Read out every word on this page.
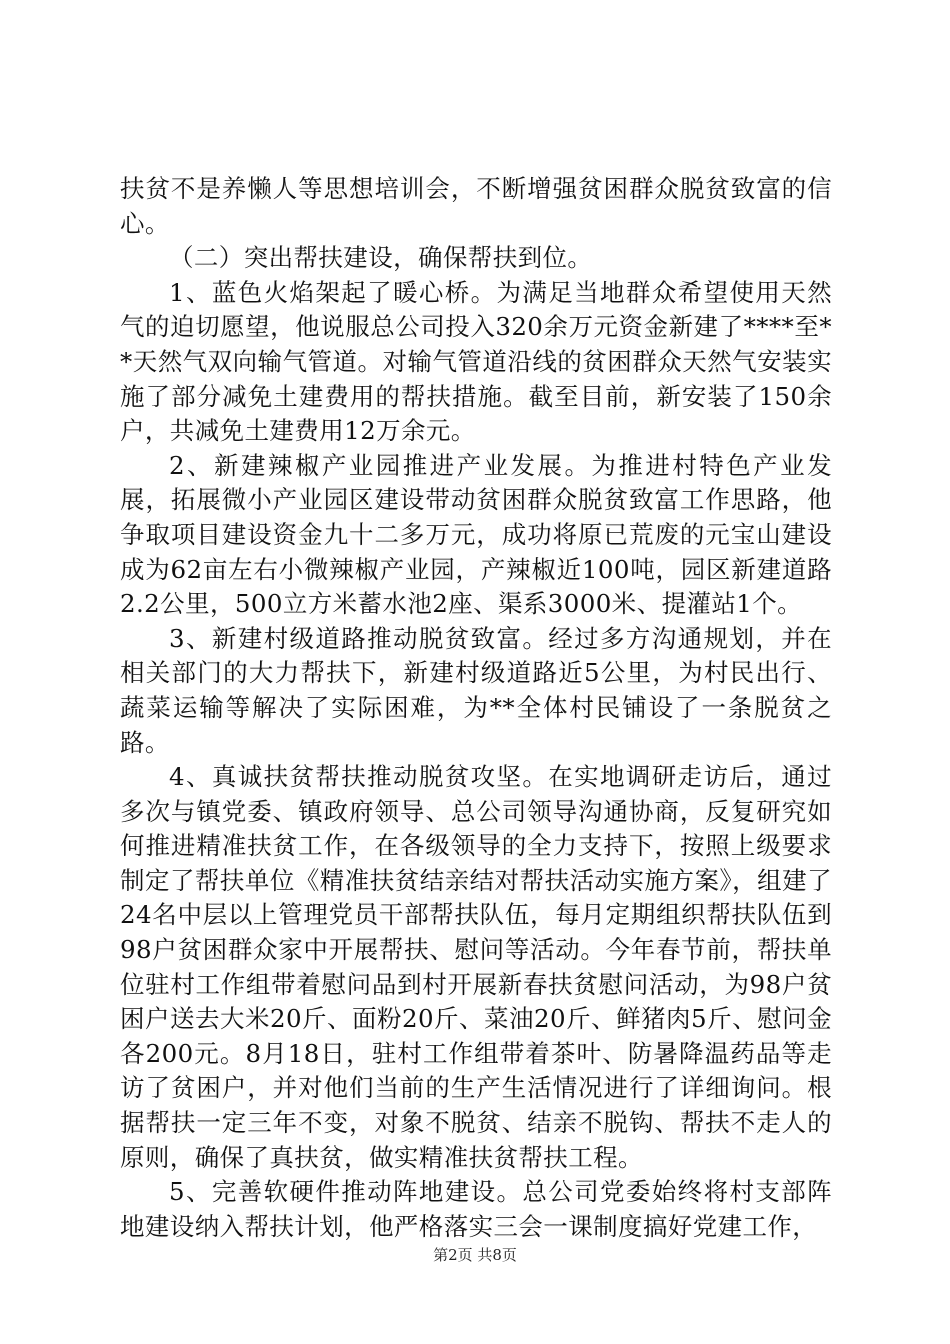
扶贫不是养懒人等思想培训会，不断增强贫困群众脱贫致富的信心。

（二）突出帮扶建设，确保帮扶到位。

1、蓝色火焰架起了暖心桥。为满足当地群众希望使用天然气的迫切愿望，他说服总公司投入320余万元资金新建了****至**天然气双向输气管道。对输气管道沿线的贫困群众天然气安装实施了部分减免土建费用的帮扶措施。截至目前，新安装了150余户，共减免土建费用12万余元。

2、新建辣椒产业园推进产业发展。为推进村特色产业发展，拓展微小产业园区建设带动贫困群众脱贫致富工作思路，他争取项目建设资金九十二多万元，成功将原已荒废的元宝山建设成为62亩左右小微辣椒产业园，产辣椒近100吨，园区新建道路2.2公里，500立方米蓄水池2座、渠系3000米、提灌站1个。

3、新建村级道路推动脱贫致富。经过多方沟通规划，并在相关部门的大力帮扶下，新建村级道路近5公里，为村民出行、蔬菜运输等解决了实际困难，为**全体村民铺设了一条脱贫之路。

4、真诚扶贫帮扶推动脱贫攻坚。在实地调研走访后，通过多次与镇党委、镇政府领导、总公司领导沟通协商，反复研究如何推进精准扶贫工作，在各级领导的全力支持下，按照上级要求制定了帮扶单位《精准扶贫结亲结对帮扶活动实施方案》，组建了24名中层以上管理党员干部帮扶队伍，每月定期组织帮扶队伍到98户贫困群众家中开展帮扶、慰问等活动。今年春节前，帮扶单位驻村工作组带着慰问品到村开展新春扶贫慰问活动，为98户贫困户送去大米20斤、面粉20斤、菜油20斤、鲜猪肉5斤、慰问金各200元。8月18日，驻村工作组带着茶叶、防暑降温药品等走访了贫困户，并对他们当前的生产生活情况进行了详细询问。根据帮扶一定三年不变，对象不脱贫、结亲不脱钩、帮扶不走人的原则，确保了真扶贫，做实精准扶贫帮扶工程。

5、完善软硬件推动阵地建设。总公司党委始终将村支部阵地建设纳入帮扶计划，他严格落实三会一课制度搞好党建工作，

第2页 共8页
